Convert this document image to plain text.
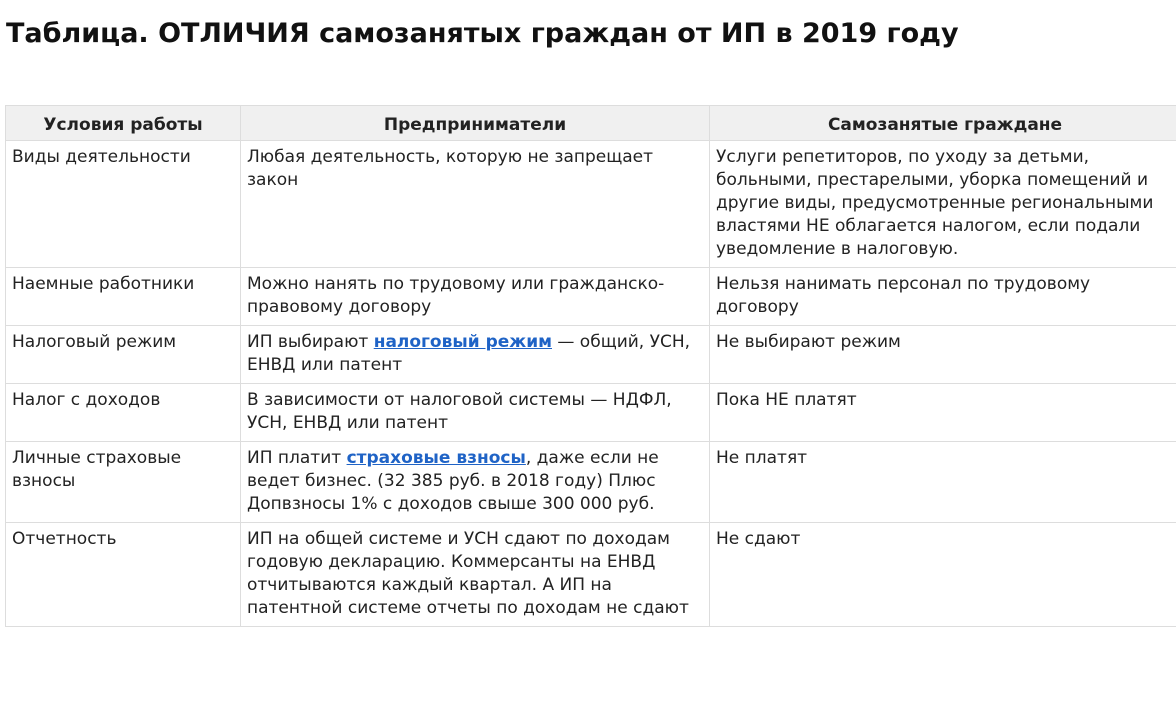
Таблица. ОТЛИЧИЯ самозанятых граждан от ИП в 2019 году
Условия работы	Предприниматели	Самозанятые граждане
Виды деятельности	Любая деятельность, которую не запрещает закон	Услуги репетиторов, по уходу за детьми, больными, престарелыми, уборка помещений и другие виды, предусмотренные региональными властями НЕ облагается налогом, если подали уведомление в налоговую.
Наемные работники	Можно нанять по трудовому или гражданско-правовому договору	Нельзя нанимать персонал по трудовому договору
Налоговый режим	ИП выбирают налоговый режим — общий, УСН, ЕНВД или патент	Не выбирают режим
Налог с доходов	В зависимости от налоговой системы — НДФЛ, УСН, ЕНВД или патент	Пока НЕ платят
Личные страховые взносы	ИП платит страховые взносы, даже если не ведет бизнес. (32 385 руб. в 2018 году) Плюс Допвзносы 1% с доходов свыше 300 000 руб.	Не платят
Отчетность	ИП на общей системе и УСН сдают по доходам годовую декларацию. Коммерсанты на ЕНВД отчитываются каждый квартал. А ИП на патентной системе отчеты по доходам не сдают	Не сдают
